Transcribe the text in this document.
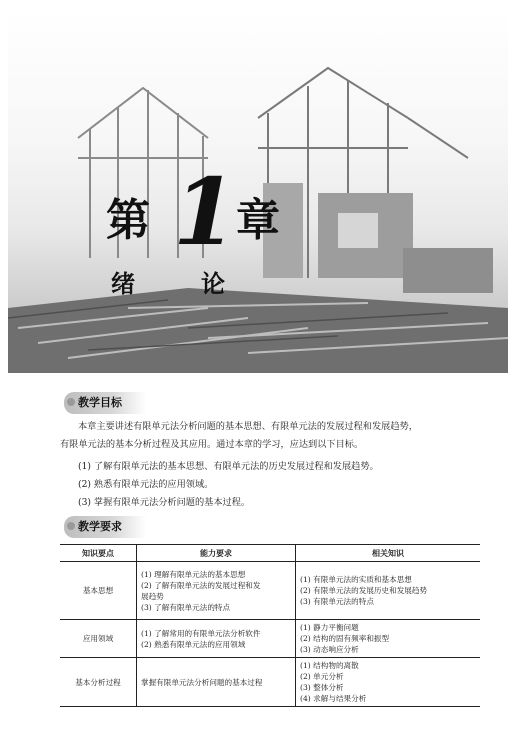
第 1
章
绪	论
教学目标
本章主要讲述有限单元法分析问题的基本思想、有限单元法的发展过程和发展趋势，
有限单元法的基本分析过程及其应用。通过本章的学习，应达到以下目标。
(1) 了解有限单元法的基本思想、有限单元法的历史发展过程和发展趋势。
(2) 熟悉有限单元法的应用领域。
(3) 掌握有限单元法分析问题的基本过程。
教学要求
知识要点	能力要求	相关知识
基本思想	(1) 理解有限单元法的基本思想
(2) 了解有限单元法的发展过程和发
展趋势
(3) 了解有限单元法的特点	(1) 有限单元法的实质和基本思想
(2) 有限单元法的发展历史和发展趋势
(3) 有限单元法的特点

应用领域	(1) 了解常用的有限单元法分析软件
(2) 熟悉有限单元法的应用领域	(1) 静力平衡问题
(2) 结构的固有频率和振型
(3) 动态响应分析

基本分析过程	掌握有限单元法分析问题的基本过程	(1) 结构物的离散
(2) 单元分析
(3) 整体分析
(4) 求解与结果分析
